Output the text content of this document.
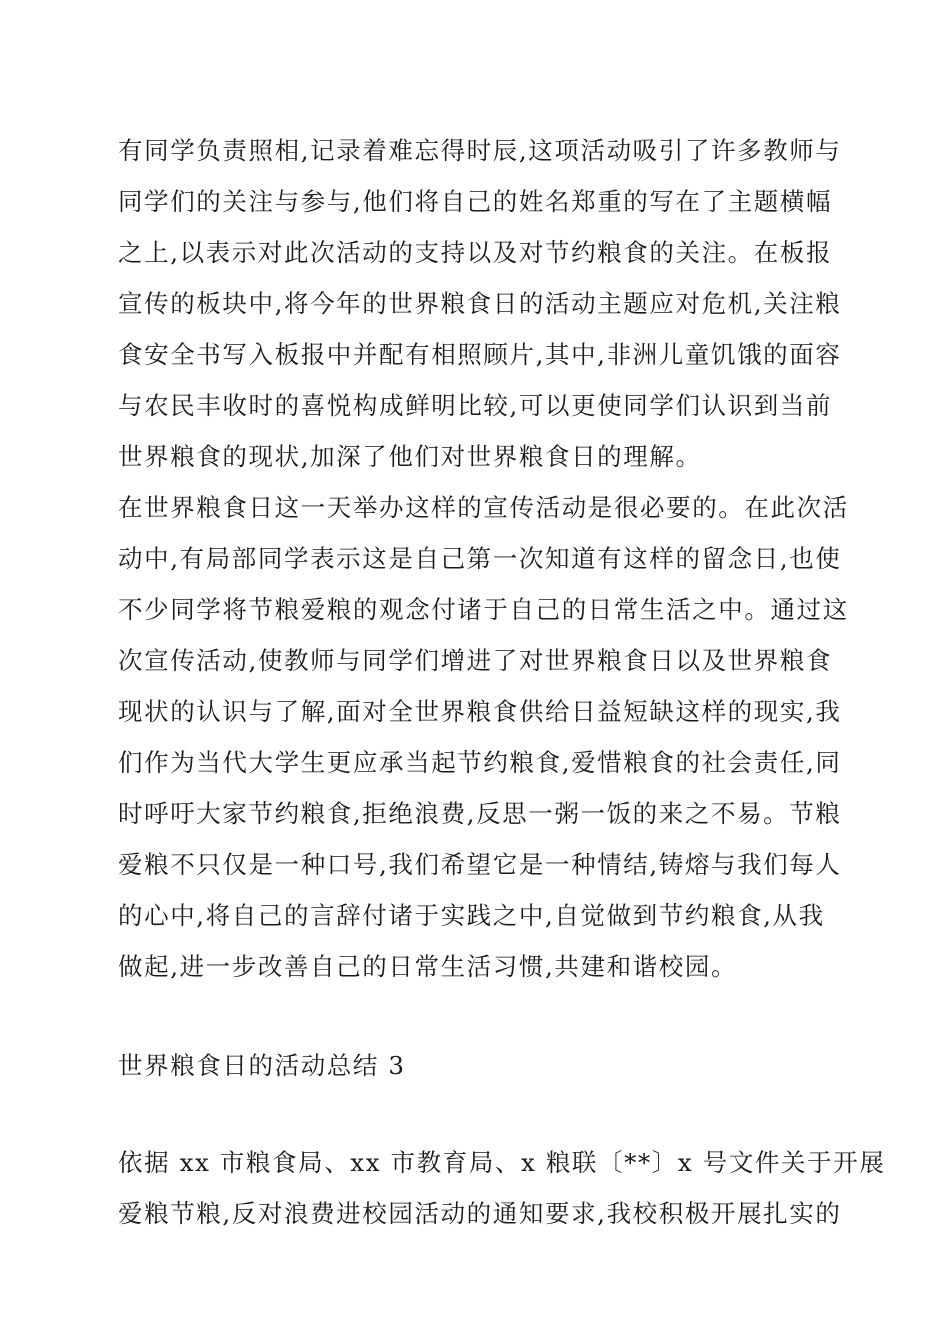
有同学负责照相,记录着难忘得时辰,这项活动吸引了许多教师与
同学们的关注与参与,他们将自己的姓名郑重的写在了主题横幅
之上,以表示对此次活动的支持以及对节约粮食的关注。在板报
宣传的板块中,将今年的世界粮食日的活动主题应对危机,关注粮
食安全书写入板报中并配有相照顾片,其中,非洲儿童饥饿的面容
与农民丰收时的喜悦构成鲜明比较,可以更使同学们认识到当前
世界粮食的现状,加深了他们对世界粮食日的理解。
在世界粮食日这一天举办这样的宣传活动是很必要的。在此次活
动中,有局部同学表示这是自己第一次知道有这样的留念日,也使
不少同学将节粮爱粮的观念付诸于自己的日常生活之中。通过这
次宣传活动,使教师与同学们增进了对世界粮食日以及世界粮食
现状的认识与了解,面对全世界粮食供给日益短缺这样的现实,我
们作为当代大学生更应承当起节约粮食,爱惜粮食的社会责任,同
时呼吁大家节约粮食,拒绝浪费,反思一粥一饭的来之不易。节粮
爱粮不只仅是一种口号,我们希望它是一种情结,铸熔与我们每人
的心中,将自己的言辞付诸于实践之中,自觉做到节约粮食,从我
做起,进一步改善自己的日常生活习惯,共建和谐校园。
世界粮食日的活动总结 3
依据 xx 市粮食局、xx 市教育局、x 粮联〔**〕x 号文件关于开展
爱粮节粮,反对浪费进校园活动的通知要求,我校积极开展扎实的
